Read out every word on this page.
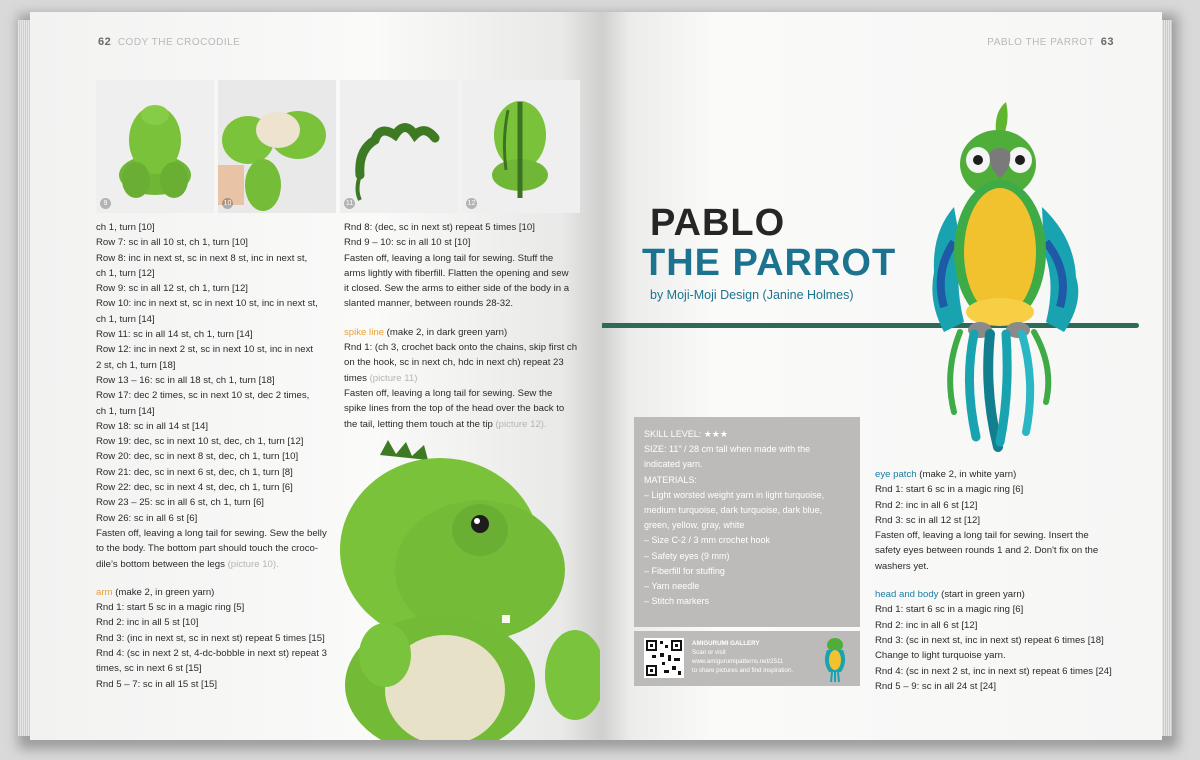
62 CODY THE CROCODILE
9	10	11	12
ch 1, turn [10]
Row 7: sc in all 10 st, ch 1, turn [10]
Row 8: inc in next st, sc in next 8 st, inc in next st,
ch 1, turn [12]
Row 9: sc in all 12 st, ch 1, turn [12]
Row 10: inc in next st, sc in next 10 st, inc in next st,
ch 1, turn [14]
Row 11: sc in all 14 st, ch 1, turn [14]
Row 12: inc in next 2 st, sc in next 10 st, inc in next
2 st, ch 1, turn [18]
Row 13 – 16: sc in all 18 st, ch 1, turn [18]
Row 17: dec 2 times, sc in next 10 st, dec 2 times,
ch 1, turn [14]
Row 18: sc in all 14 st [14]
Row 19: dec, sc in next 10 st, dec, ch 1, turn [12]
Row 20: dec, sc in next 8 st, dec, ch 1, turn [10]
Row 21: dec, sc in next 6 st, dec, ch 1, turn [8]
Row 22: dec, sc in next 4 st, dec, ch 1, turn [6]
Row 23 – 25: sc in all 6 st, ch 1, turn [6]
Row 26: sc in all 6 st [6]
Fasten off, leaving a long tail for sewing. Sew the belly
to the body. The bottom part should touch the croco-
dile’s bottom between the legs (picture 10).
arm (make 2, in green yarn)
Rnd 1: start 5 sc in a magic ring [5]
Rnd 2: inc in all 5 st [10]
Rnd 3: (inc in next st, sc in next st) repeat 5 times [15]
Rnd 4: (sc in next 2 st, 4-dc-bobble in next st) repeat 3
times, sc in next 6 st [15]
Rnd 5 – 7: sc in all 15 st [15]
Rnd 8: (dec, sc in next st) repeat 5 times [10]
Rnd 9 – 10: sc in all 10 st [10]
Fasten off, leaving a long tail for sewing. Stuff the
arms lightly with fiberfill. Flatten the opening and sew
it closed. Sew the arms to either side of the body in a
slanted manner, between rounds 28-32.
spike line (make 2, in dark green yarn)
Rnd 1: (ch 3, crochet back onto the chains, skip first ch
on the hook, sc in next ch, hdc in next ch) repeat 23
times (picture 11)
Fasten off, leaving a long tail for sewing. Sew the
spike lines from the top of the head over the back to
the tail, letting them touch at the tip (picture 12).
PABLO THE PARROT 63
PABLO
THE PARROT
by Moji-Moji Design (Janine Holmes)
SKILL LEVEL: ★★★
SIZE: 11" / 28 cm tall when made with the
indicated yarn.
MATERIALS:
– Light worsted weight yarn in light turquoise,
medium turquoise, dark turquoise, dark blue,
green, yellow, gray, white
– Size C-2 / 3 mm crochet hook
– Safety eyes (9 mm)
– Fiberfill for stuffing
– Yarn needle
– Stitch markers
AMIGURUMI GALLERY
Scan or visit
www.amigurumipatterns.net/2511
to share pictures and find inspiration.
eye patch (make 2, in white yarn)
Rnd 1: start 6 sc in a magic ring [6]
Rnd 2: inc in all 6 st [12]
Rnd 3: sc in all 12 st [12]
Fasten off, leaving a long tail for sewing. Insert the
safety eyes between rounds 1 and 2. Don't fix on the
washers yet.
head and body (start in green yarn)
Rnd 1: start 6 sc in a magic ring [6]
Rnd 2: inc in all 6 st [12]
Rnd 3: (sc in next st, inc in next st) repeat 6 times [18]
Change to light turquoise yarn.
Rnd 4: (sc in next 2 st, inc in next st) repeat 6 times [24]
Rnd 5 – 9: sc in all 24 st [24]
